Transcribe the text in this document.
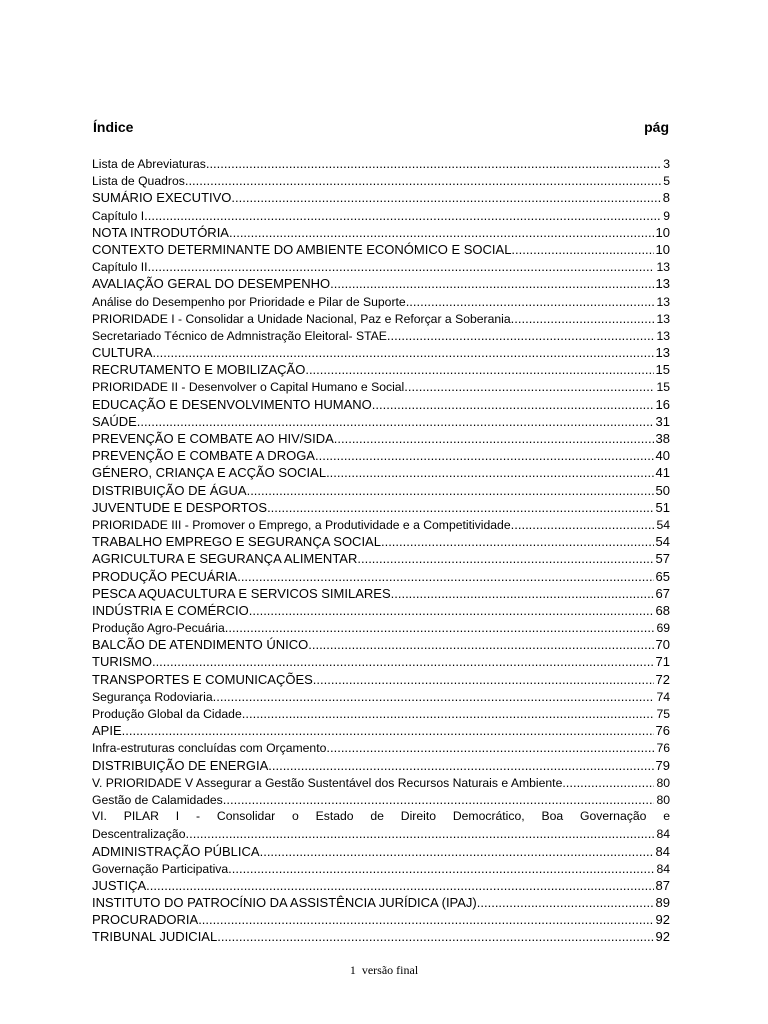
Índice	pág
Lista de Abreviaturas .....	3
Lista de Quadros .....	5
SUMÁRIO EXECUTIVO .....	8
Capítulo I .....	9
NOTA INTRODUTÓRIA .....	10
CONTEXTO DETERMINANTE DO AMBIENTE ECONÓMICO E SOCIAL .....	10
Capítulo II .....	13
AVALIAÇÃO GERAL DO DESEMPENHO .....	13
Análise do Desempenho por Prioridade e Pilar de Suporte .....	13
PRIORIDADE I - Consolidar a Unidade Nacional, Paz e Reforçar a Soberania .....	13
Secretariado Técnico de Admnistração Eleitoral- STAE .....	13
CULTURA .....	13
RECRUTAMENTO E MOBILIZAÇÃO .....	15
PRIORIDADE II - Desenvolver o Capital Humano e Social .....	15
EDUCAÇÃO E DESENVOLVIMENTO HUMANO .....	16
SAÚDE .....	31
PREVENÇÃO E COMBATE AO HIV/SIDA .....	38
PREVENÇÃO E COMBATE A DROGA .....	40
GÉNERO, CRIANÇA E ACÇÃO SOCIAL .....	41
DISTRIBUIÇÃO DE ÁGUA .....	50
JUVENTUDE E DESPORTOS .....	51
PRIORIDADE III - Promover o Emprego, a Produtividade e a Competitividade .....	54
TRABALHO EMPREGO E SEGURANÇA SOCIAL .....	54
AGRICULTURA E SEGURANÇA ALIMENTAR .....	57
PRODUÇÃO PECUÁRIA .....	65
PESCA AQUACULTURA E SERVICOS SIMILARES .....	67
INDÚSTRIA E COMÉRCIO .....	68
Produção Agro-Pecuária .....	69
BALCÃO DE ATENDIMENTO ÚNICO .....	70
TURISMO .....	71
TRANSPORTES E COMUNICAÇÕES .....	72
Segurança Rodoviaria .....	74
Produção Global da Cidade .....	75
APIE .....	76
Infra-estruturas concluídas com Orçamento .....	76
DISTRIBUIÇÃO DE ENERGIA .....	79
V. PRIORIDADE V Assegurar a Gestão Sustentável dos Recursos Naturais e Ambiente. .....	80
Gestão de Calamidades .....	80
VI. PILAR I - Consolidar o Estado de Direito Democrático, Boa Governação e
Descentralização .....	84
ADMINISTRAÇÃO PÚBLICA .....	84
Governação Participativa .....	84
JUSTIÇA .....	87
INSTITUTO DO PATROCÍNIO DA ASSISTÊNCIA JURÍDICA (IPAJ) .....	89
PROCURADORIA .....	92
TRIBUNAL JUDICIAL .....	92
1 versão final
